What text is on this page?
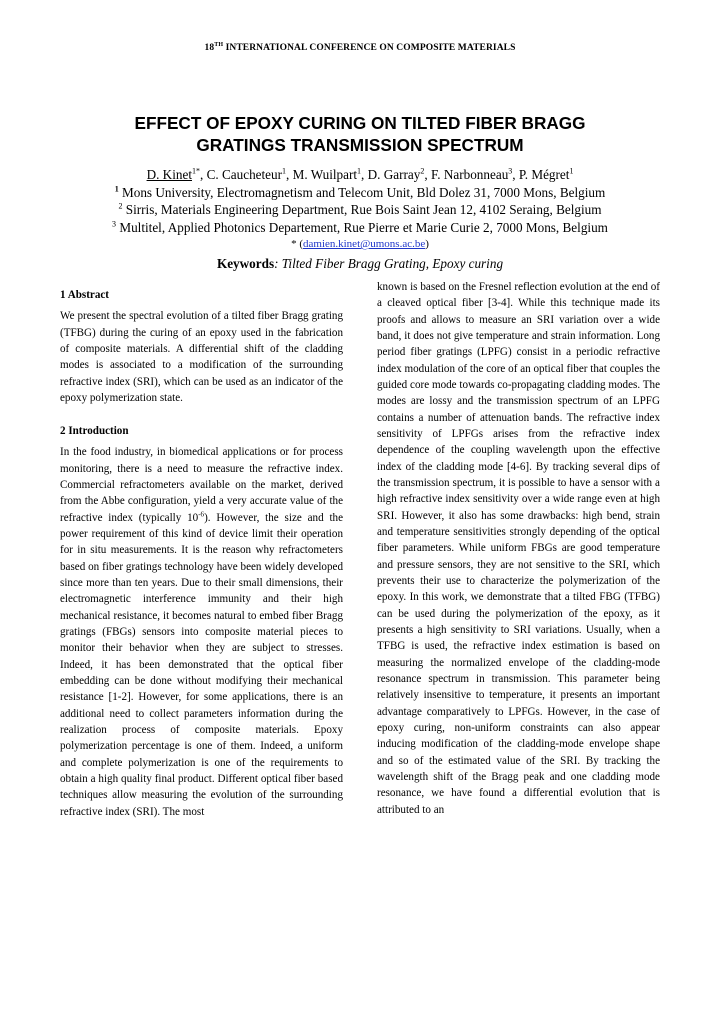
18TH INTERNATIONAL CONFERENCE ON COMPOSITE MATERIALS
EFFECT OF EPOXY CURING ON TILTED FIBER BRAGG
GRATINGS TRANSMISSION SPECTRUM
D. Kinet$^{1*}$, C. Caucheteur$^1$, M. Wuilpart$^1$, D. Garray$^2$, F. Narbonneau$^3$, P. Mégret$^1$
$^1$ Mons University, Electromagnetism and Telecom Unit, Bld Dolez 31, 7000 Mons, Belgium
$^2$ Sirris, Materials Engineering Department, Rue Bois Saint Jean 12, 4102 Seraing, Belgium
$^3$ Multitel, Applied Photonics Departement, Rue Pierre et Marie Curie 2, 7000 Mons, Belgium
* (damien.kinet@umons.ac.be)
Keywords: Tilted Fiber Bragg Grating, Epoxy curing
1 Abstract

We present the spectral evolution of a tilted fiber Bragg grating (TFBG) during the curing of an epoxy used in the fabrication of composite materials. A differential shift of the cladding modes is associated to a modification of the surrounding refractive index (SRI), which can be used as an indicator of the epoxy polymerization state.

2 Introduction

In the food industry, in biomedical applications or for process monitoring, there is a need to measure the refractive index. Commercial refractometers available on the market, derived from the Abbe configuration, yield a very accurate value of the refractive index (typically $10^{-6}$). However, the size and the power requirement of this kind of device limit their operation for in situ measurements. It is the reason why refractometers based on fiber gratings technology have been widely developed since more than ten years. Due to their small dimensions, their electromagnetic interference immunity and their high mechanical resistance, it becomes natural to embed fiber Bragg gratings (FBGs) sensors into composite material pieces to monitor their behavior when they are subject to stresses. Indeed, it has been demonstrated that the optical fiber embedding can be done without modifying their mechanical resistance [1-2]. However, for some applications, there is an additional need to collect parameters information during the realization process of composite materials. Epoxy polymerization percentage is one of them. Indeed, a uniform and complete polymerization is one of the requirements to obtain a high quality final product. Different optical fiber based techniques allow measuring the evolution of the surrounding refractive index (SRI). The most

known is based on the Fresnel reflection evolution at the end of a cleaved optical fiber [3-4]. While this technique made its proofs and allows to measure an SRI variation over a wide band, it does not give temperature and strain information. Long period fiber gratings (LPFG) consist in a periodic refractive index modulation of the core of an optical fiber that couples the guided core mode towards co-propagating cladding modes. The modes are lossy and the transmission spectrum of an LPFG contains a number of attenuation bands. The refractive index sensitivity of LPFGs arises from the refractive index dependence of the coupling wavelength upon the effective index of the cladding mode [4-6]. By tracking several dips of the transmission spectrum, it is possible to have a sensor with a high refractive index sensitivity over a wide range even at high SRI. However, it also has some drawbacks: high bend, strain and temperature sensitivities strongly depending of the optical fiber parameters. While uniform FBGs are good temperature and pressure sensors, they are not sensitive to the SRI, which prevents their use to characterize the polymerization of the epoxy. In this work, we demonstrate that a tilted FBG (TFBG) can be used during the polymerization of the epoxy, as it presents a high sensitivity to SRI variations. Usually, when a TFBG is used, the refractive index estimation is based on measuring the normalized envelope of the cladding-mode resonance spectrum in transmission. This parameter being relatively insensitive to temperature, it presents an important advantage comparatively to LPFGs. However, in the case of epoxy curing, non-uniform constraints can also appear inducing modification of the cladding-mode envelope shape and so of the estimated value of the SRI. By tracking the wavelength shift of the Bragg peak and one cladding mode resonance, we have found a differential evolution that is attributed to an
